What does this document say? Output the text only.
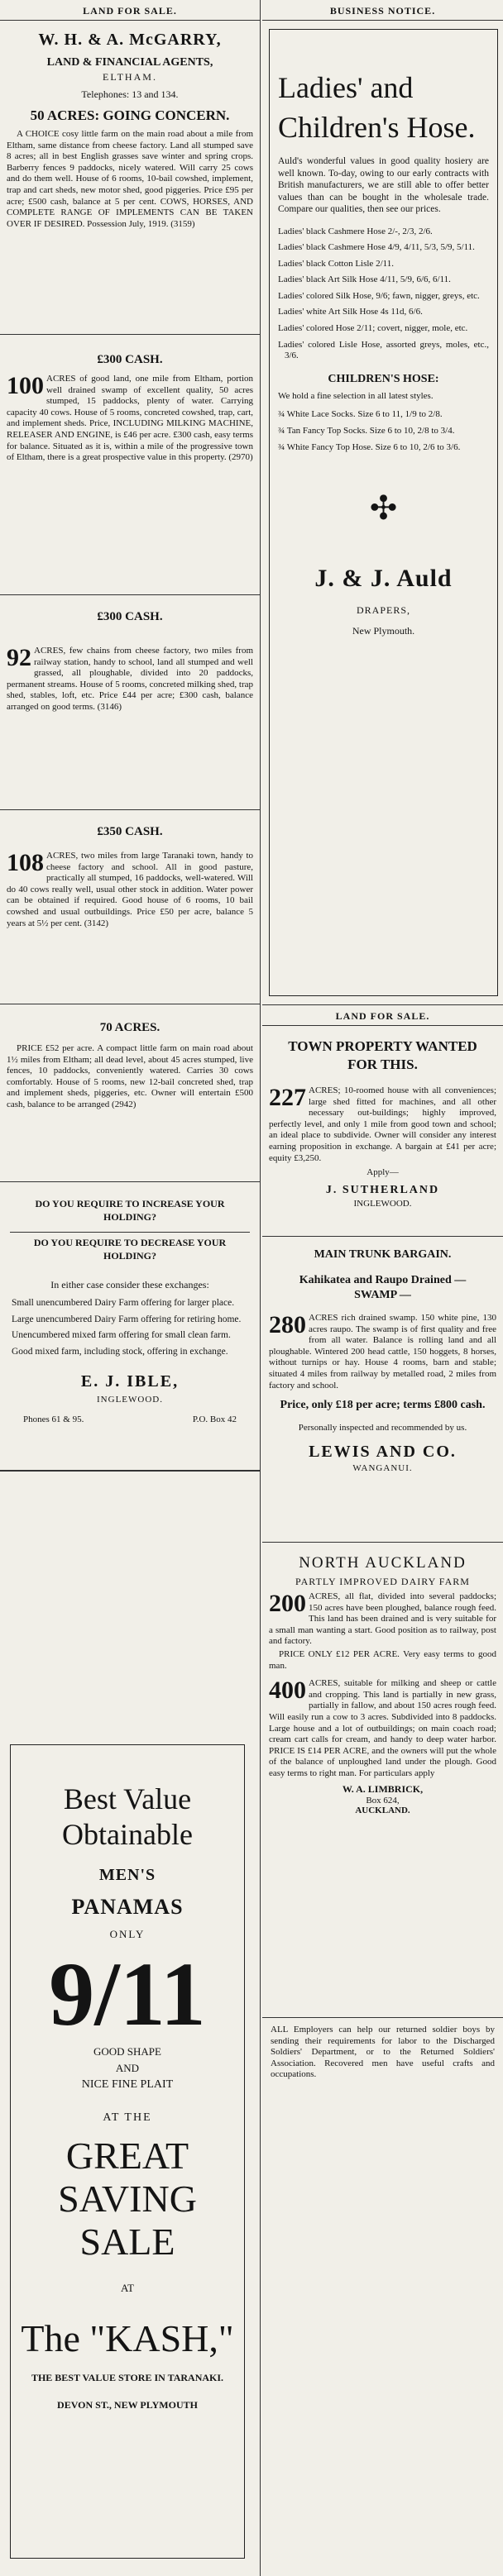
LAND FOR SALE.
W. H. & A. McGARRY,
LAND & FINANCIAL AGENTS,
ELTHAM.
Telephones: 13 and 134.
50 ACRES: GOING CONCERN.

A CHOICE cosy little farm on the main road about a mile from Eltham, same distance from cheese factory. Land all stumped save 8 acres; all in best English grasses save winter and spring crops. Barberry fences 9 paddocks, nicely watered. Will carry 25 cows and do them well. House of 6 rooms, 10-bail cowshed, implement, trap and cart sheds, new motor shed, good piggeries. Price £95 per acre; £500 cash, balance at 5 per cent. COWS, HORSES, AND COMPLETE RANGE OF IMPLEMENTS CAN BE TAKEN OVER IF DESIRED. Possession July, 1919. (3159)

£300 CASH.
100 ACRES of good land, one mile from Eltham, portion well drained swamp of excellent quality, 50 acres stumped, 15 paddocks, plenty of water. Carrying capacity 40 cows. House of 5 rooms, concreted cowshed, trap, cart, and implement sheds. Price, INCLUDING MILKING MACHINE, RELEASER AND ENGINE, is £46 per acre. £300 cash, easy terms for balance. Situated as it is, within a mile of the progressive town of Eltham, there is a great prospective value in this property. (2970)
£300 CASH.
92 ACRES, few chains from cheese factory, two miles from railway station, handy to school, land all stumped and well grassed, all ploughable, divided into 20 paddocks, permanent streams. House of 5 rooms, concreted milking shed, trap shed, stables, loft, etc. Price £44 per acre; £300 cash, balance arranged on good terms. (3146)
£350 CASH.
108 ACRES, two miles from large Taranaki town, handy to cheese factory and school. All in good pasture, practically all stumped, 16 paddocks, well-watered. Will do 40 cows really well, usual other stock in addition. Water power can be obtained if required. Good house of 6 rooms, 10 bail cowshed and usual outbuildings. Price £50 per acre, balance 5 years at 5½ per cent. (3142)
70 ACRES.

PRICE £52 per acre. A compact little farm on main road about 1½ miles from Eltham; all dead level, about 45 acres stumped, live fences, 10 paddocks, conveniently watered. Carries 30 cows comfortably. House of 5 rooms, new 12-bail concreted shed, trap and implement sheds, piggeries, etc. Owner will entertain £500 cash, balance to be arranged (2942)

DO YOU REQUIRE TO INCREASE YOUR HOLDING?

DO YOU REQUIRE TO DECREASE YOUR HOLDING?

In either case consider these exchanges:

Small unencumbered Dairy Farm offering for larger place.

Large unencumbered Dairy Farm offering for retiring home.

Unencumbered mixed farm offering for small clean farm.

Good mixed farm, including stock, offering in exchange.

E. J. IBLE,
INGLEWOOD.
Phones 61 & 95.	P.O. Box 42
Best Value
Obtainable
MEN'S
PANAMAS
ONLY
9/11
GOOD SHAPE
AND
NICE FINE PLAIT
AT THE
GREAT
SAVING
SALE
AT
The "KASH,"
THE BEST VALUE STORE IN TARANAKI.
DEVON ST., NEW PLYMOUTH
BUSINESS NOTICE.
Ladies' and
Children's Hose.

Auld's wonderful values in good quality hosiery are well known. To-day, owing to our early contracts with British manufacturers, we are still able to offer better values than can be bought in the wholesale trade. Compare our qualities, then see our prices.

Ladies' black Cashmere Hose 2/-, 2/3, 2/6.

Ladies' black Cashmere Hose 4/9, 4/11, 5/3, 5/9, 5/11.

Ladies' black Cotton Lisle 2/11.

Ladies' black Art Silk Hose 4/11, 5/9, 6/6, 6/11.

Ladies' colored Silk Hose, 9/6; fawn, nigger, greys, etc.

Ladies' white Art Silk Hose 4s 11d, 6/6.

Ladies' colored Hose 2/11; covert, nigger, mole, etc.

Ladies' colored Lisle Hose, assorted greys, moles, etc., 3/6.

CHILDREN'S HOSE:

We hold a fine selection in all latest styles.

¾ White Lace Socks. Size 6 to 11, 1/9 to 2/8.

¾ Tan Fancy Top Socks. Size 6 to 10, 2/8 to 3/4.

¾ White Fancy Top Hose. Size 6 to 10, 2/6 to 3/6.

✣
J. & J. Auld
DRAPERS,
New Plymouth.
LAND FOR SALE.
TOWN PROPERTY WANTED FOR THIS.
227 ACRES; 10-roomed house with all conveniences; large shed fitted for machines, and all other necessary out-buildings; highly improved, perfectly level, and only 1 mile from good town and school; an ideal place to subdivide. Owner will consider any interest earning proposition in exchange. A bargain at £41 per acre; equity £3,250.
Apply—
J. SUTHERLAND
INGLEWOOD.
MAIN TRUNK BARGAIN.
Kahikatea and Raupo Drained — SWAMP —
280 ACRES rich drained swamp. 150 white pine, 130 acres raupo. The swamp is of first quality and free from all water. Balance is rolling land and all ploughable. Wintered 200 head cattle, 150 hoggets, 8 horses, without turnips or hay. House 4 rooms, barn and stable; situated 4 miles from railway by metalled road, 2 miles from factory and school.
Price, only £18 per acre; terms £800 cash.
Personally inspected and recommended by us.
LEWIS AND CO.
WANGANUI.
NORTH AUCKLAND
PARTLY IMPROVED DAIRY FARM
200 ACRES, all flat, divided into several paddocks; 150 acres have been ploughed, balance rough feed. This land has been drained and is very suitable for a small man wanting a start. Good position as to railway, post and factory.

PRICE ONLY £12 PER ACRE. Very easy terms to good man.

400 ACRES, suitable for milking and sheep or cattle and cropping. This land is partially in new grass, partially in fallow, and about 150 acres rough feed. Will easily run a cow to 3 acres. Subdivided into 8 paddocks. Large house and a lot of outbuildings; on main coach road; cream cart calls for cream, and handy to deep water harbor. PRICE IS £14 PER ACRE, and the owners will put the whole of the balance of unploughed land under the plough. Good easy terms to right man. For particulars apply
W. A. LIMBRICK,
Box 624,
AUCKLAND.

ALL Employers can help our returned soldier boys by sending their requirements for labor to the Discharged Soldiers' Department, or to the Returned Soldiers' Association. Recovered men have useful crafts and occupations.
